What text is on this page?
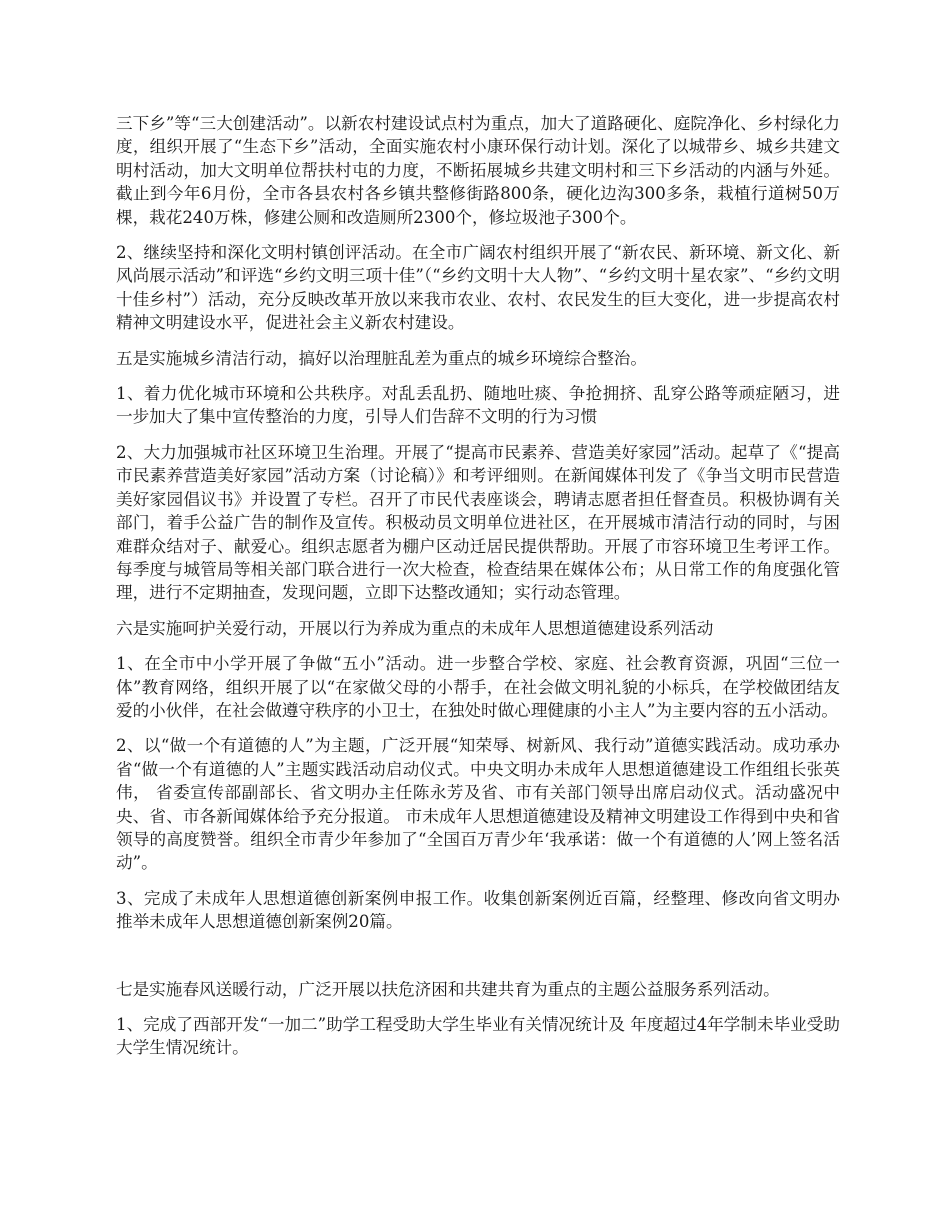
三下乡”等“三大创建活动”。以新农村建设试点村为重点，加大了道路硬化、庭院净化、乡村绿化力度，组织开展了“生态下乡”活动，全面实施农村小康环保行动计划。深化了以城带乡、城乡共建文明村活动，加大文明单位帮扶村屯的力度，不断拓展城乡共建文明村和三下乡活动的内涵与外延。截止到今年6月份，全市各县农村各乡镇共整修街路800条，硬化边沟300多条，栽植行道树50万棵，栽花240万株，修建公厕和改造厕所2300个，修垃圾池子300个。

2、继续坚持和深化文明村镇创评活动。在全市广阔农村组织开展了“新农民、新环境、新文化、新风尚展示活动”和评选“乡约文明三项十佳”（“乡约文明十大人物”、“乡约文明十星农家”、“乡约文明十佳乡村”）活动，充分反映改革开放以来我市农业、农村、农民发生的巨大变化，进一步提高农村精神文明建设水平，促进社会主义新农村建设。

五是实施城乡清洁行动，搞好以治理脏乱差为重点的城乡环境综合整治。

1、着力优化城市环境和公共秩序。对乱丢乱扔、随地吐痰、争抢拥挤、乱穿公路等顽症陋习，进一步加大了集中宣传整治的力度，引导人们告辞不文明的行为习惯

2、大力加强城市社区环境卫生治理。开展了“提高市民素养、营造美好家园”活动。起草了《“提高市民素养营造美好家园”活动方案（讨论稿）》和考评细则。在新闻媒体刊发了《争当文明市民营造美好家园倡议书》并设置了专栏。召开了市民代表座谈会，聘请志愿者担任督查员。积极协调有关部门，着手公益广告的制作及宣传。积极动员文明单位进社区，在开展城市清洁行动的同时，与困难群众结对子、献爱心。组织志愿者为棚户区动迁居民提供帮助。开展了市容环境卫生考评工作。每季度与城管局等相关部门联合进行一次大检查，检查结果在媒体公布；从日常工作的角度强化管理，进行不定期抽查，发现问题，立即下达整改通知；实行动态管理。

六是实施呵护关爱行动，开展以行为养成为重点的未成年人思想道德建设系列活动

1、在全市中小学开展了争做“五小”活动。进一步整合学校、家庭、社会教育资源，巩固“三位一体”教育网络，组织开展了以“在家做父母的小帮手，在社会做文明礼貌的小标兵，在学校做团结友爱的小伙伴，在社会做遵守秩序的小卫士，在独处时做心理健康的小主人”为主要内容的五小活动。

2、以“做一个有道德的人”为主题，广泛开展“知荣辱、树新风、我行动”道德实践活动。成功承办 省“做一个有道德的人”主题实践活动启动仪式。中央文明办未成年人思想道德建设工作组组长张英伟， 省委宣传部副部长、省文明办主任陈永芳及省、市有关部门领导出席启动仪式。活动盛况中央、省、市各新闻媒体给予充分报道。 市未成年人思想道德建设及精神文明建设工作得到中央和省领导的高度赞誉。组织全市青少年参加了“全国百万青少年‘我承诺：做一个有道德的人’网上签名活动”。

3、完成了未成年人思想道德创新案例申报工作。收集创新案例近百篇，经整理、修改向省文明办推举未成年人思想道德创新案例20篇。

七是实施春风送暖行动，广泛开展以扶危济困和共建共育为重点的主题公益服务系列活动。

1、完成了西部开发“一加二”助学工程受助大学生毕业有关情况统计及 年度超过4年学制未毕业受助大学生情况统计。
